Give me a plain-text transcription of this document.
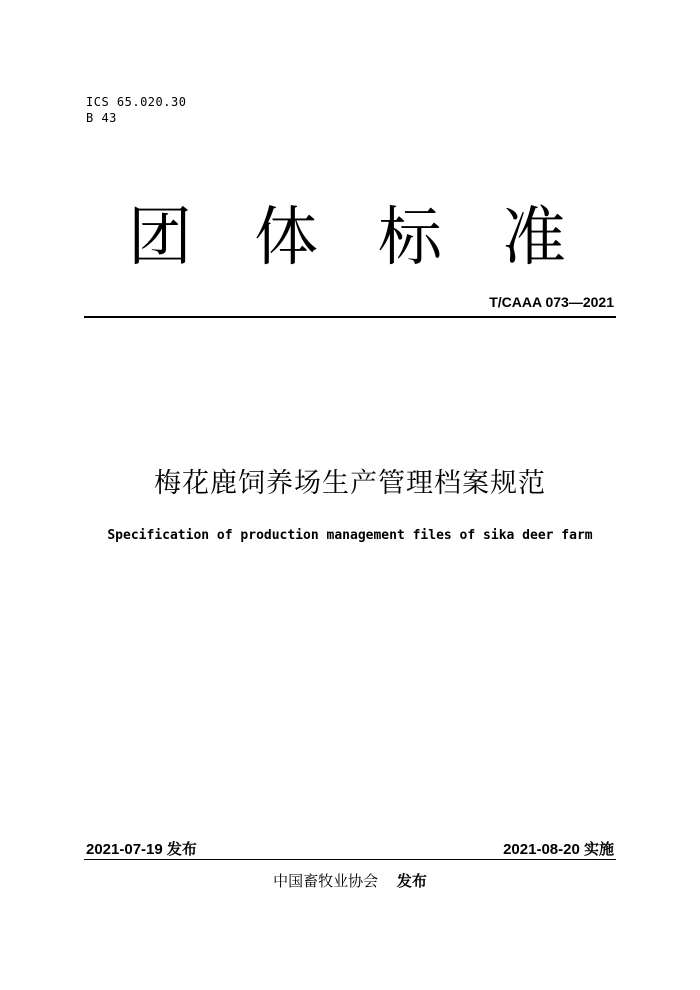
ICS 65.020.30
B 43
团 体 标 准
T/CAAA 073—2021
梅花鹿饲养场生产管理档案规范
Specification of production management files of sika deer farm
2021-07-19 发布	2021-08-20 实施
中国畜牧业协会 发布
